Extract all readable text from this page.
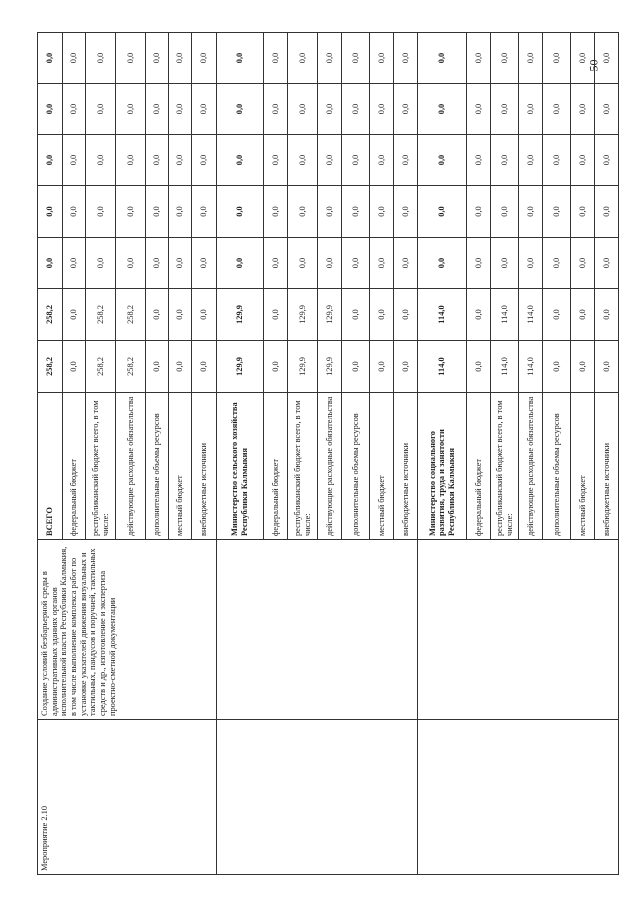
50
Мероприятие 2.10	Создание условий безбарьерной среды в административных зданиях органов исполнительной власти Республики Калмыкия, в том числе выполнение комплекса работ по установке указателей движения визуальных и тактильных, пандусов и поручней, тактильных средств и др., изготовление и экспертиза проектно-сметной документации	ВСЕГО	258,2	258,2	0,0	0,0	0,0	0,0	0,0
		федеральный бюджет	0,0	0,0	0,0	0,0	0,0	0,0	0,0
		республиканский бюджет всего, в том числе:	258,2	258,2	0,0	0,0	0,0	0,0	0,0
		действующие расходные обязательства	258,2	258,2	0,0	0,0	0,0	0,0	0,0
		дополнительные объемы ресурсов	0,0	0,0	0,0	0,0	0,0	0,0	0,0
		местный бюджет	0,0	0,0	0,0	0,0	0,0	0,0	0,0
		внебюджетные источники	0,0	0,0	0,0	0,0	0,0	0,0	0,0
		Министерство сельского хозяйства Республики Калмыкия	129,9	129,9	0,0	0,0	0,0	0,0	0,0
		федеральный бюджет	0,0	0,0	0,0	0,0	0,0	0,0	0,0
		республиканский бюджет всего, в том числе:	129,9	129,9	0,0	0,0	0,0	0,0	0,0
		действующие расходные обязательства	129,9	129,9	0,0	0,0	0,0	0,0	0,0
		дополнительные объемы ресурсов	0,0	0,0	0,0	0,0	0,0	0,0	0,0
		местный бюджет	0,0	0,0	0,0	0,0	0,0	0,0	0,0
		внебюджетные источники	0,0	0,0	0,0	0,0	0,0	0,0	0,0
		Министерство социального развития, труда и занятости Республики Калмыкия	114,0	114,0	0,0	0,0	0,0	0,0	0,0
		федеральный бюджет	0,0	0,0	0,0	0,0	0,0	0,0	0,0
		республиканский бюджет всего, в том числе:	114,0	114,0	0,0	0,0	0,0	0,0	0,0
		действующие расходные обязательства	114,0	114,0	0,0	0,0	0,0	0,0	0,0
		дополнительные объемы ресурсов	0,0	0,0	0,0	0,0	0,0	0,0	0,0
		местный бюджет	0,0	0,0	0,0	0,0	0,0	0,0	0,0
		внебюджетные источники	0,0	0,0	0,0	0,0	0,0	0,0	0,0
